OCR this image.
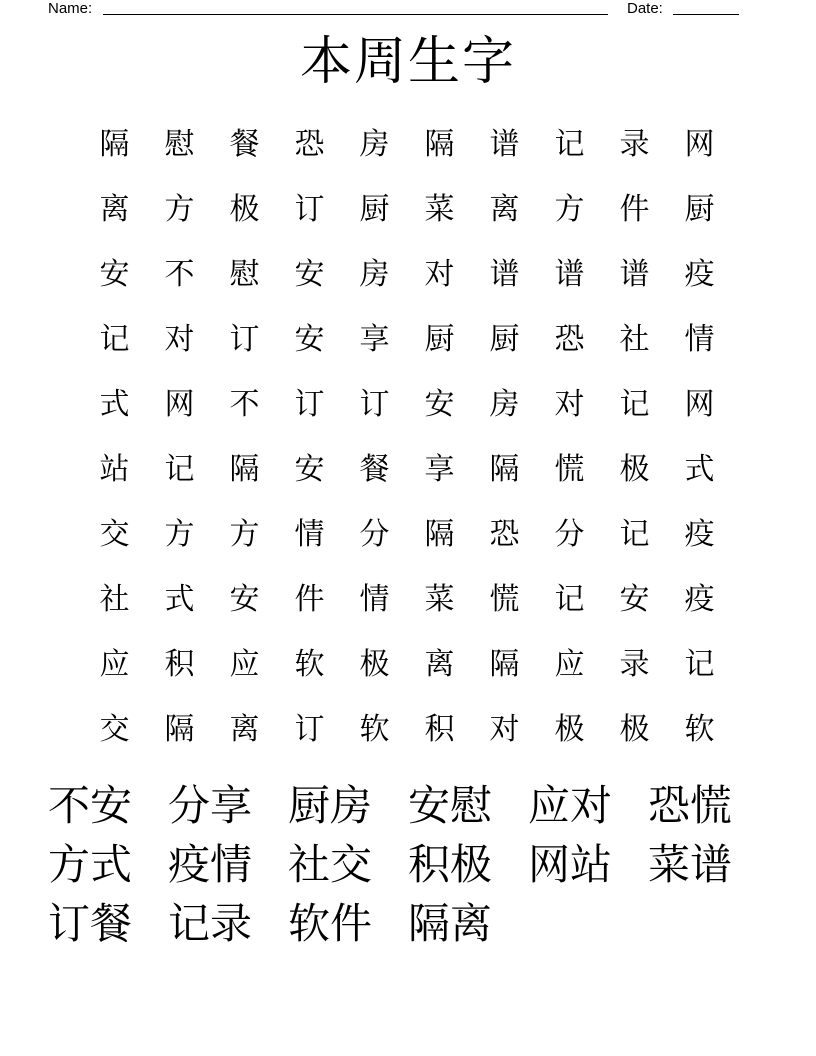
Name:	Date:
本周生字
隔	慰	餐	恐	房	隔	谱	记	录	网
离	方	极	订	厨	菜	离	方	件	厨
安	不	慰	安	房	对	谱	谱	谱	疫
记	对	订	安	享	厨	厨	恐	社	情
式	网	不	订	订	安	房	对	记	网
站	记	隔	安	餐	享	隔	慌	极	式
交	方	方	情	分	隔	恐	分	记	疫
社	式	安	件	情	菜	慌	记	安	疫
应	积	应	软	极	离	隔	应	录	记
交	隔	离	订	软	积	对	极	极	软
不安 分享 厨房 安慰 应对 恐慌
方式 疫情 社交 积极 网站 菜谱
订餐 记录 软件 隔离
